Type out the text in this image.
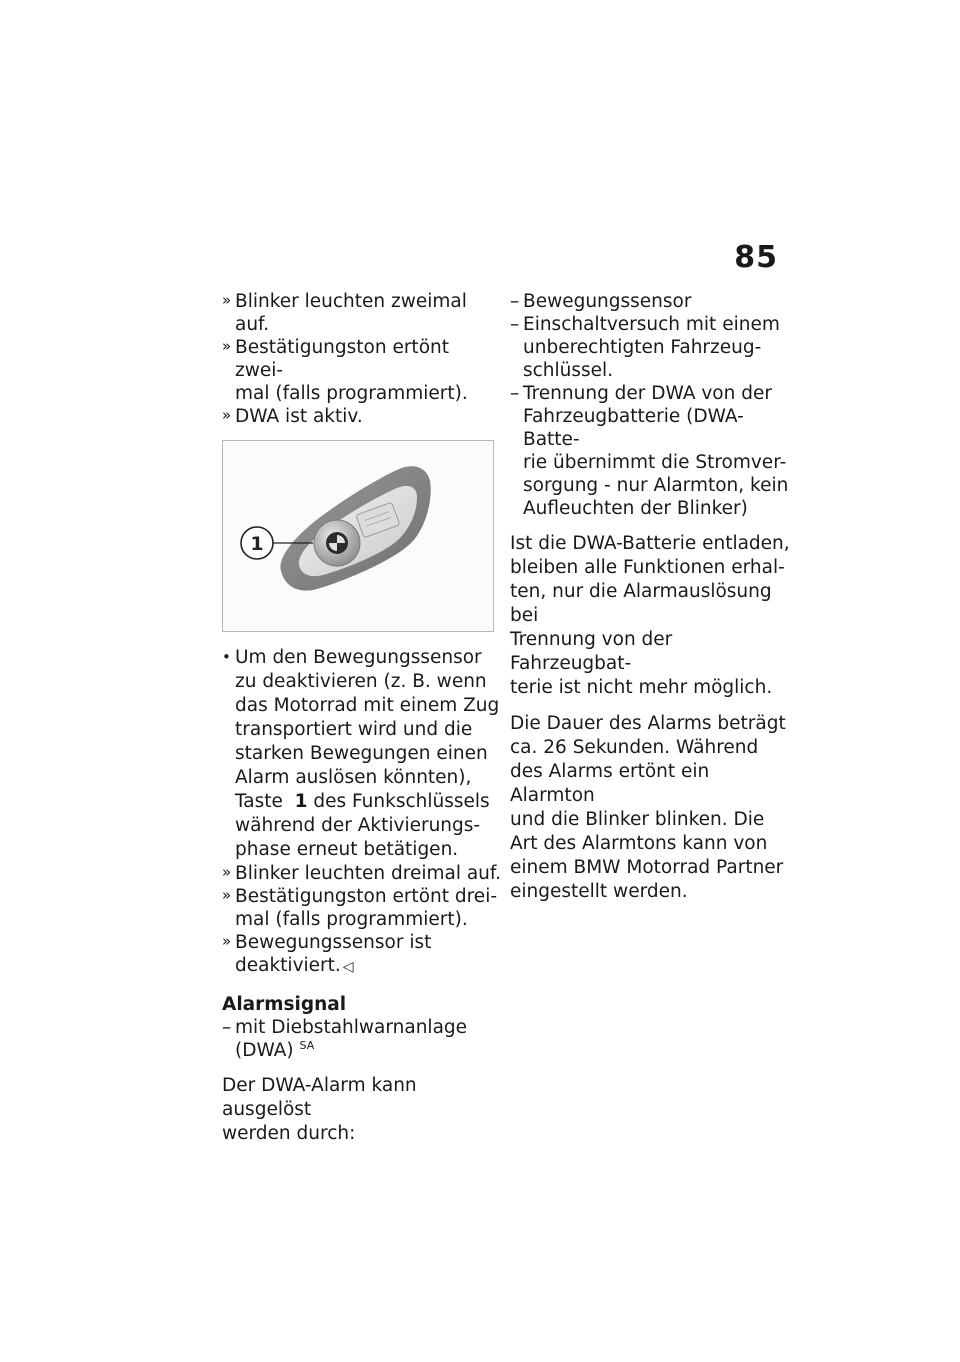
85
» Blinker leuchten zweimal auf.
» Bestätigungston ertönt zwei-
mal (falls programmiert).
» DWA ist aktiv.
1
• Um den Bewegungssensor
zu deaktivieren (z. B. wenn
das Motorrad mit einem Zug
transportiert wird und die
starken Bewegungen einen
Alarm auslösen könnten),
Taste 1 des Funkschlüssels
während der Aktivierungs-
phase erneut betätigen.
» Blinker leuchten dreimal auf.
» Bestätigungston ertönt drei-
mal (falls programmiert).
» Bewegungssensor ist
deaktiviert. ◁
Alarmsignal
– mit Diebstahlwarnanlage
(DWA) $^{SA}$
Der DWA-Alarm kann ausgelöst
werden durch:
– Bewegungssensor
– Einschaltversuch mit einem
unberechtigten Fahrzeug-
schlüssel.
– Trennung der DWA von der
Fahrzeugbatterie (DWA-Batte-
rie übernimmt die Stromver-
sorgung - nur Alarmton, kein
Aufleuchten der Blinker)
Ist die DWA-Batterie entladen,
bleiben alle Funktionen erhal-
ten, nur die Alarmauslösung bei
Trennung von der Fahrzeugbat-
terie ist nicht mehr möglich.
Die Dauer des Alarms beträgt
ca. 26 Sekunden. Während
des Alarms ertönt ein Alarmton
und die Blinker blinken. Die
Art des Alarmtons kann von
einem BMW Motorrad Partner
eingestellt werden.
